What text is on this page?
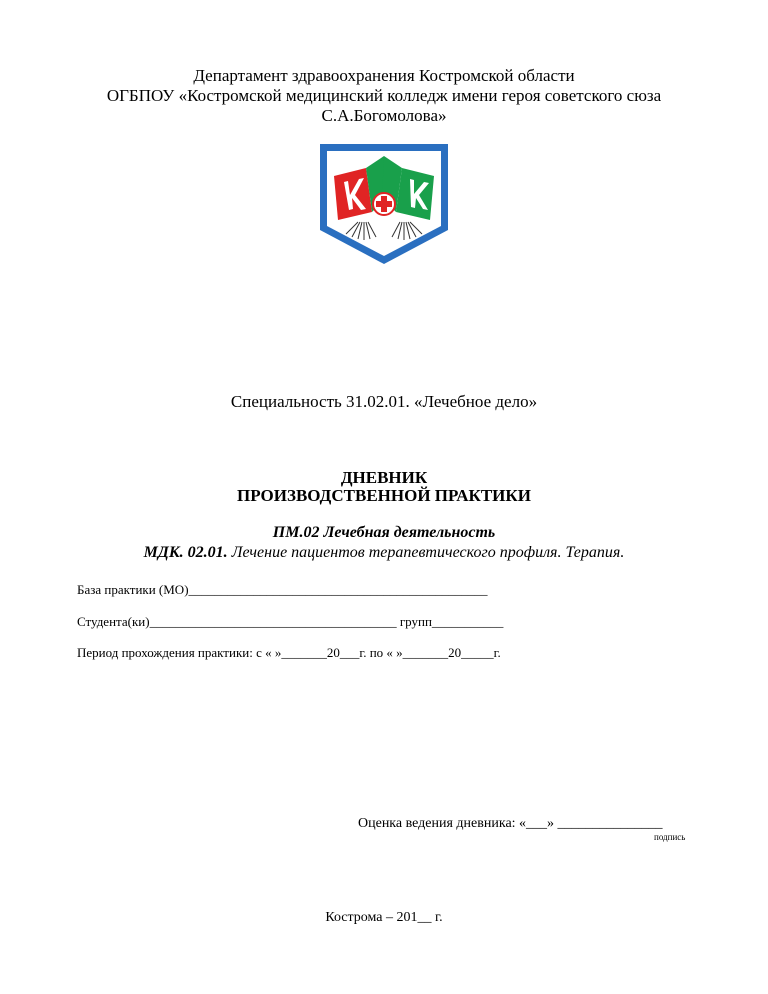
Департамент здравоохранения Костромской области
ОГБПОУ «Костромской медицинский колледж имени героя советского сюза
С.А.Богомолова»
Специальность 31.02.01. «Лечебное дело»
ДНЕВНИК
ПРОИЗВОДСТВЕННОЙ ПРАКТИКИ
ПМ.02 Лечебная деятельность
МДК. 02.01. Лечение пациентов терапевтического профиля. Терапия.
База практики (МО)______________________________________________
Студента(ки)______________________________________ групп___________
Период прохождения практики: с « »_______20___г. по « »_______20_____г.
Оценка ведения дневника: «___» _______________
подпись
Кострома – 201__ г.
